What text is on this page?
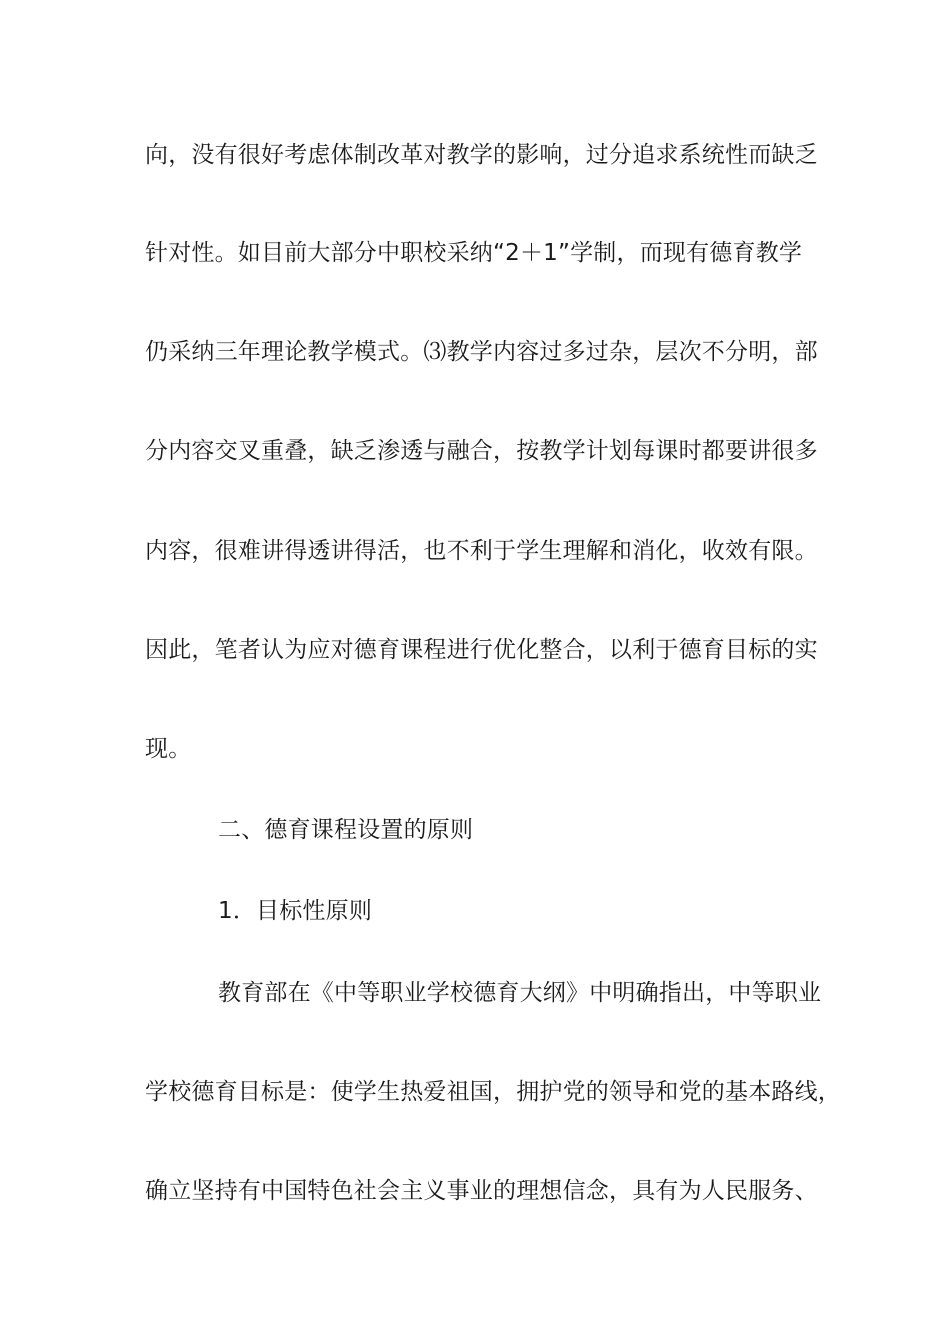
向，没有很好考虑体制改革对教学的影响，过分追求系统性而缺乏
针对性。如目前大部分中职校采纳“2＋1”学制，而现有德育教学
仍采纳三年理论教学模式。⑶教学内容过多过杂，层次不分明，部
分内容交叉重叠，缺乏渗透与融合，按教学计划每课时都要讲很多
内容，很难讲得透讲得活，也不利于学生理解和消化，收效有限。
因此，笔者认为应对德育课程进行优化整合，以利于德育目标的实
现。
二、德育课程设置的原则
1．目标性原则
教育部在《中等职业学校德育大纲》中明确指出，中等职业
学校德育目标是：使学生热爱祖国，拥护党的领导和党的基本路线，
确立坚持有中国特色社会主义事业的理想信念，具有为人民服务、
